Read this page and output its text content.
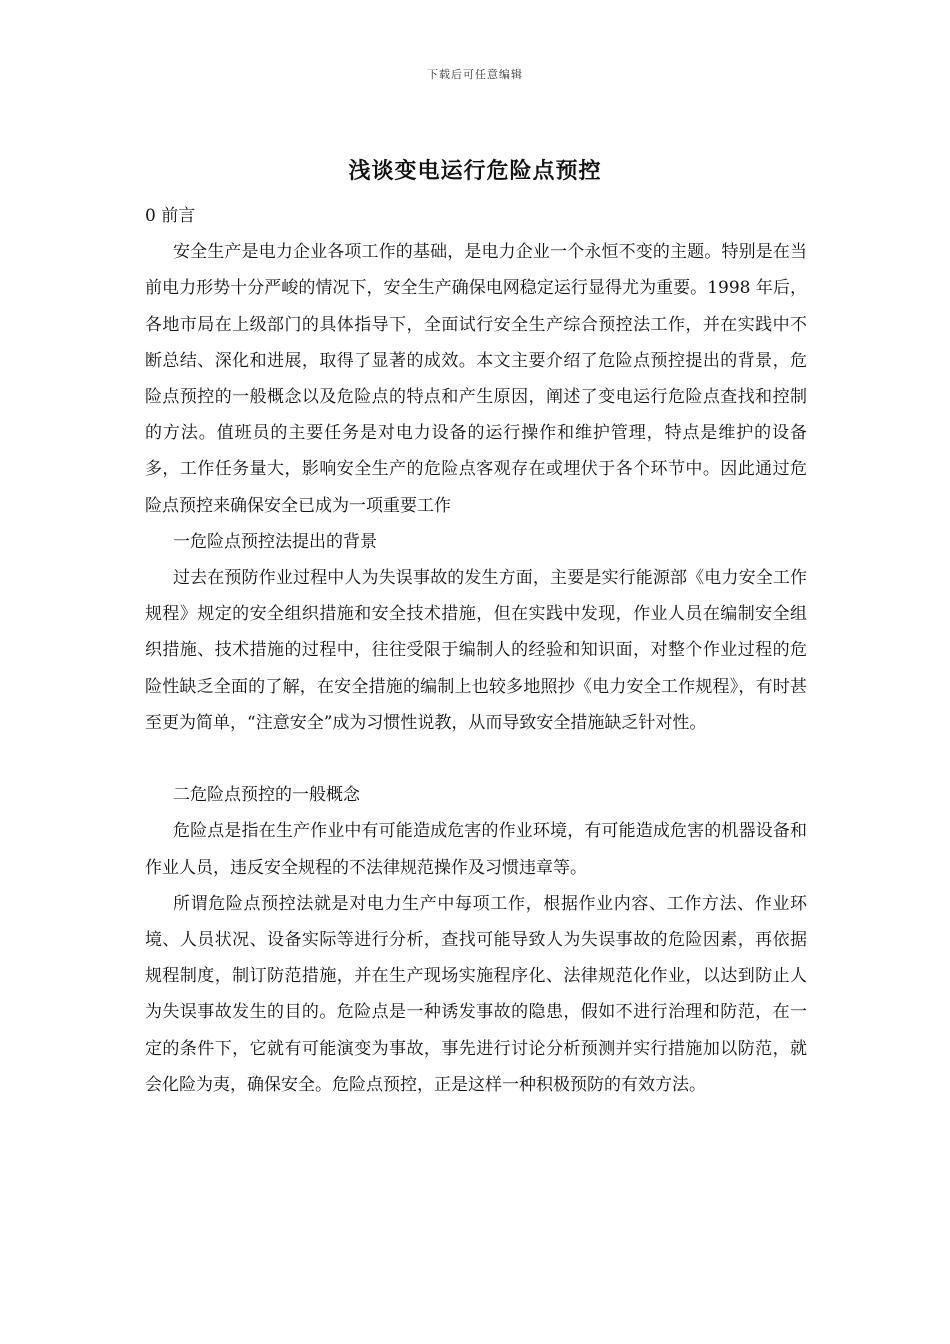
下载后可任意编辑
浅谈变电运行危险点预控

0 前言

安全生产是电力企业各项工作的基础，是电力企业一个永恒不变的主题。特别是在当前电力形势十分严峻的情况下，安全生产确保电网稳定运行显得尤为重要。1998 年后，各地市局在上级部门的具体指导下，全面试行安全生产综合预控法工作，并在实践中不断总结、深化和进展，取得了显著的成效。本文主要介绍了危险点预控提出的背景，危险点预控的一般概念以及危险点的特点和产生原因，阐述了变电运行危险点查找和控制的方法。值班员的主要任务是对电力设备的运行操作和维护管理，特点是维护的设备多，工作任务量大，影响安全生产的危险点客观存在或埋伏于各个环节中。因此通过危险点预控来确保安全已成为一项重要工作

一危险点预控法提出的背景

过去在预防作业过程中人为失误事故的发生方面，主要是实行能源部《电力安全工作规程》规定的安全组织措施和安全技术措施，但在实践中发现，作业人员在编制安全组织措施、技术措施的过程中，往往受限于编制人的经验和知识面，对整个作业过程的危险性缺乏全面的了解，在安全措施的编制上也较多地照抄《电力安全工作规程》，有时甚至更为简单，“注意安全”成为习惯性说教，从而导致安全措施缺乏针对性。

二危险点预控的一般概念

危险点是指在生产作业中有可能造成危害的作业环境，有可能造成危害的机器设备和作业人员，违反安全规程的不法律规范操作及习惯违章等。

所谓危险点预控法就是对电力生产中每项工作，根据作业内容、工作方法、作业环境、人员状况、设备实际等进行分析，查找可能导致人为失误事故的危险因素，再依据规程制度，制订防范措施，并在生产现场实施程序化、法律规范化作业，以达到防止人为失误事故发生的目的。危险点是一种诱发事故的隐患，假如不进行治理和防范，在一定的条件下，它就有可能演变为事故，事先进行讨论分析预测并实行措施加以防范，就会化险为夷，确保安全。危险点预控，正是这样一种积极预防的有效方法。
